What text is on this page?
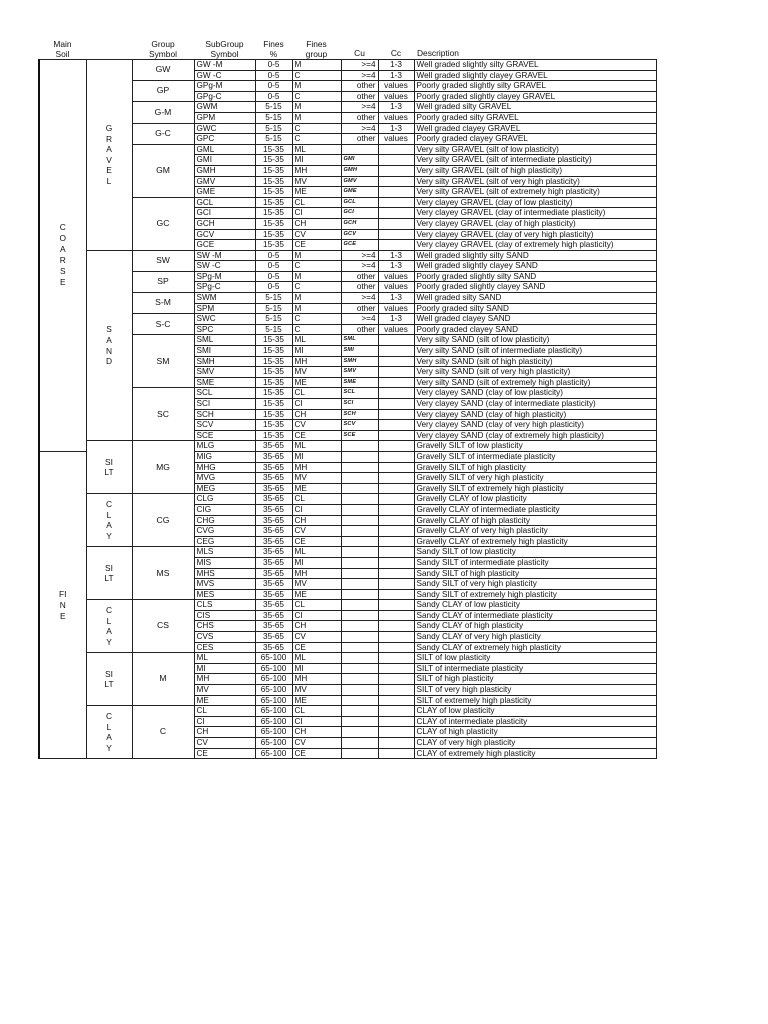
Main Soil		Group Symbol	SubGroup Symbol	Fines %	Fines group	Cu	Cc	Description
COARSE	GRAVEL	GW	GW -M	0-5	M	>=4	1-3	Well graded slightly silty GRAVEL
			GW -C	0-5	C	>=4	1-3	Well graded slightly clayey GRAVEL
		GP	GPg-M	0-5	M	other	values	Poorly graded slightly silty GRAVEL
			GPg-C	0-5	C	other	values	Poorly graded slightly clayey GRAVEL
		G-M	GWM	5-15	M	>=4	1-3	Well graded silty GRAVEL
			GPM	5-15	M	other	values	Poorly graded silty GRAVEL
		G-C	GWC	5-15	C	>=4	1-3	Well graded clayey GRAVEL
			GPC	5-15	C	other	values	Poorly graded clayey GRAVEL
		GM	GML	15-35	ML			Very silty GRAVEL (silt of low plasticity)
			GMI	15-35	MI	GMI		Very silty GRAVEL (silt of intermediate plasticity)
			GMH	15-35	MH	GMH		Very silty GRAVEL (silt of high plasticity)
			GMV	15-35	MV	GMV		Very silty GRAVEL (silt of very high plasticity)
			GME	15-35	ME	GME		Very silty GRAVEL (silt of extremely high plasticity)
		GC	GCL	15-35	CL	GCL		Very clayey GRAVEL (clay of low plasticity)
			GCI	15-35	CI	GCI		Very clayey GRAVEL (clay of intermediate plasticity)
			GCH	15-35	CH	GCH		Very clayey GRAVEL (clay of high plasticity)
			GCV	15-35	CV	GCV		Very clayey GRAVEL (clay of very high plasticity)
			GCE	15-35	CE	GCE		Very clayey GRAVEL (clay of extremely high plasticity)
	SAND	SW	SW -M	0-5	M	>=4	1-3	Well graded slightly silty SAND
			SW -C	0-5	C	>=4	1-3	Well graded slightly clayey SAND
		SP	SPg-M	0-5	M	other	values	Poorly graded slightly silty SAND
			SPg-C	0-5	C	other	values	Poorly graded slightly clayey SAND
		S-M	SWM	5-15	M	>=4	1-3	Well graded silty SAND
			SPM	5-15	M	other	values	Poorly graded silty SAND
		S-C	SWC	5-15	C	>=4	1-3	Well graded clayey SAND
			SPC	5-15	C	other	values	Poorly graded clayey SAND
		SM	SML	15-35	ML	SML		Very silty SAND (silt of low plasticity)
			SMI	15-35	MI	SMI		Very silty SAND (silt of intermediate plasticity)
			SMH	15-35	MH	SMH		Very silty SAND (silt of high plasticity)
			SMV	15-35	MV	SMV		Very silty SAND (silt of very high plasticity)
			SME	15-35	ME	SME		Very silty SAND (silt of extremely high plasticity)
		SC	SCL	15-35	CL	SCL		Very clayey SAND (clay of low plasticity)
			SCI	15-35	CI	SCI		Very clayey SAND (clay of intermediate plasticity)
			SCH	15-35	CH	SCH		Very clayey SAND (clay of high plasticity)
			SCV	15-35	CV	SCV		Very clayey SAND (clay of very high plasticity)
			SCE	15-35	CE	SCE		Very clayey SAND (clay of extremely high plasticity)
	SILT	MG	MLG	35-65	ML			Gravelly SILT of low plasticity
FINE			MIG	35-65	MI			Gravelly SILT of intermediate plasticity
			MHG	35-65	MH			Gravelly SILT of high plasticity
			MVG	35-65	MV			Gravelly SILT of very high plasticity
			MEG	35-65	ME			Gravelly SILT of extremely high plasticity
	CLAY	CG	CLG	35-65	CL			Gravelly CLAY of low plasticity
			CIG	35-65	CI			Gravelly CLAY of intermediate plasticity
			CHG	35-65	CH			Gravelly CLAY of high plasticity
			CVG	35-65	CV			Gravelly CLAY of very high plasticity
			CEG	35-65	CE			Gravelly CLAY of extremely high plasticity
	SILT	MS	MLS	35-65	ML			Sandy SILT of low plasticity
			MIS	35-65	MI			Sandy SILT of intermediate plasticity
			MHS	35-65	MH			Sandy SILT of high plasticity
			MVS	35-65	MV			Sandy SILT of very high plasticity
			MES	35-65	ME			Sandy SILT of extremely high plasticity
	CLAY	CS	CLS	35-65	CL			Sandy CLAY of low plasticity
			CIS	35-65	CI			Sandy CLAY of intermediate plasticity
			CHS	35-65	CH			Sandy CLAY of high plasticity
			CVS	35-65	CV			Sandy CLAY of very high plasticity
			CES	35-65	CE			Sandy CLAY of extremely high plasticity
	SILT	M	ML	65-100	ML			SILT of low plasticity
			MI	65-100	MI			SILT of intermediate plasticity
			MH	65-100	MH			SILT of high plasticity
			MV	65-100	MV			SILT of very high plasticity
			ME	65-100	ME			SILT of extremely high plasticity
	CLAY	C	CL	65-100	CL			CLAY of low plasticity
			CI	65-100	CI			CLAY of intermediate plasticity
			CH	65-100	CH			CLAY of high plasticity
			CV	65-100	CV			CLAY of very high plasticity
			CE	65-100	CE			CLAY of extremely high plasticity
